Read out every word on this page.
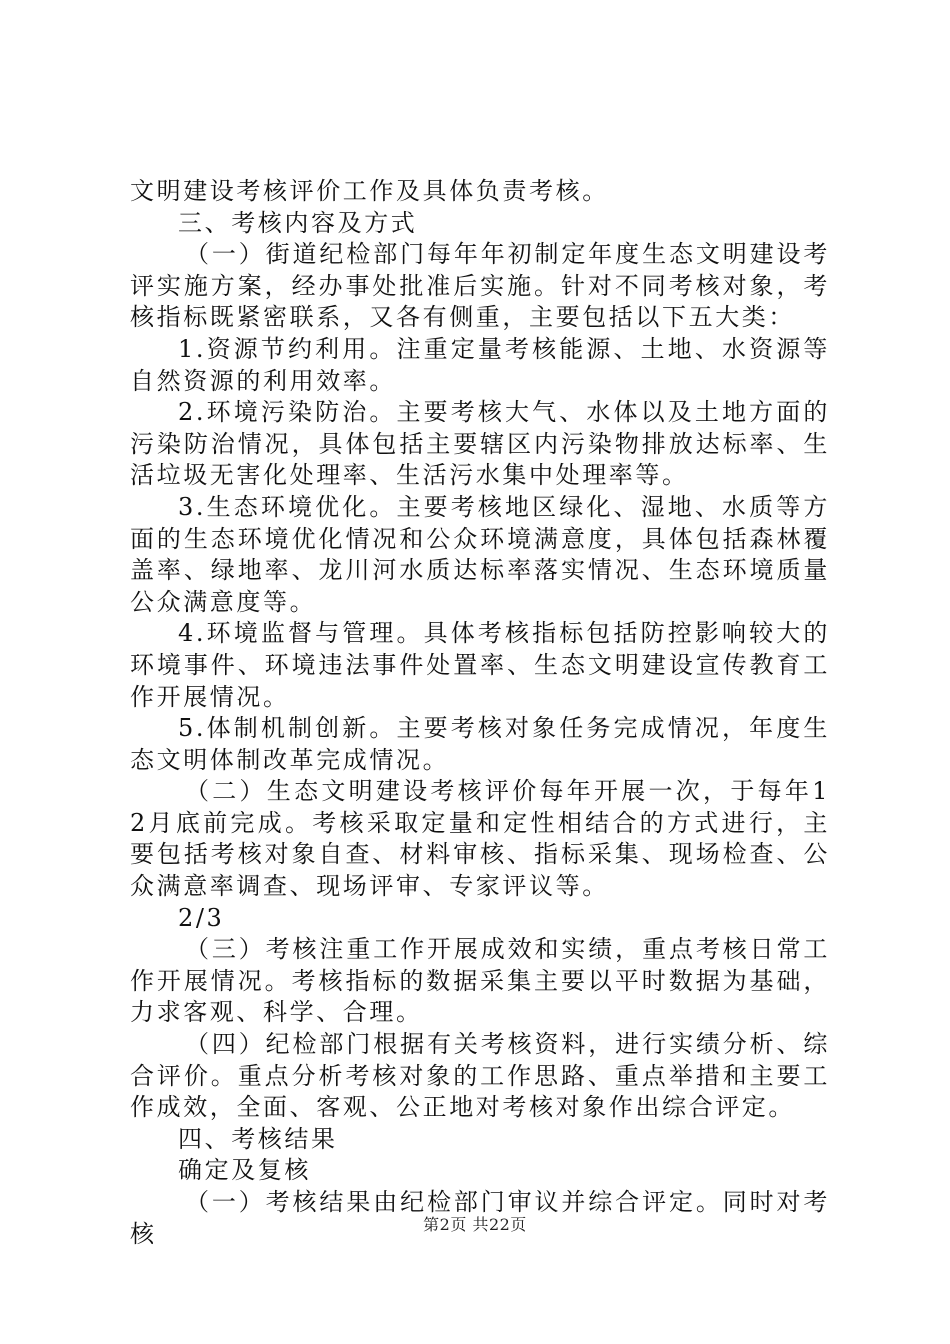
文明建设考核评价工作及具体负责考核。

三、考核内容及方式

（一）街道纪检部门每年年初制定年度生态文明建设考评实施方案，经办事处批准后实施。针对不同考核对象，考核指标既紧密联系，又各有侧重，主要包括以下五大类：

1.资源节约利用。注重定量考核能源、土地、水资源等自然资源的利用效率。

2.环境污染防治。主要考核大气、水体以及土地方面的污染防治情况，具体包括主要辖区内污染物排放达标率、生活垃圾无害化处理率、生活污水集中处理率等。

3.生态环境优化。主要考核地区绿化、湿地、水质等方面的生态环境优化情况和公众环境满意度，具体包括森林覆盖率、绿地率、龙川河水质达标率落实情况、生态环境质量公众满意度等。

4.环境监督与管理。具体考核指标包括防控影响较大的环境事件、环境违法事件处置率、生态文明建设宣传教育工作开展情况。

5.体制机制创新。主要考核对象任务完成情况，年度生态文明体制改革完成情况。

（二）生态文明建设考核评价每年开展一次，于每年12月底前完成。考核采取定量和定性相结合的方式进行，主要包括考核对象自查、材料审核、指标采集、现场检查、公众满意率调查、现场评审、专家评议等。

2/3

（三）考核注重工作开展成效和实绩，重点考核日常工作开展情况。考核指标的数据采集主要以平时数据为基础，力求客观、科学、合理。

（四）纪检部门根据有关考核资料，进行实绩分析、综合评价。重点分析考核对象的工作思路、重点举措和主要工作成效，全面、客观、公正地对考核对象作出综合评定。

四、考核结果

确定及复核

（一）考核结果由纪检部门审议并综合评定。同时对考核	第2页 共22页
